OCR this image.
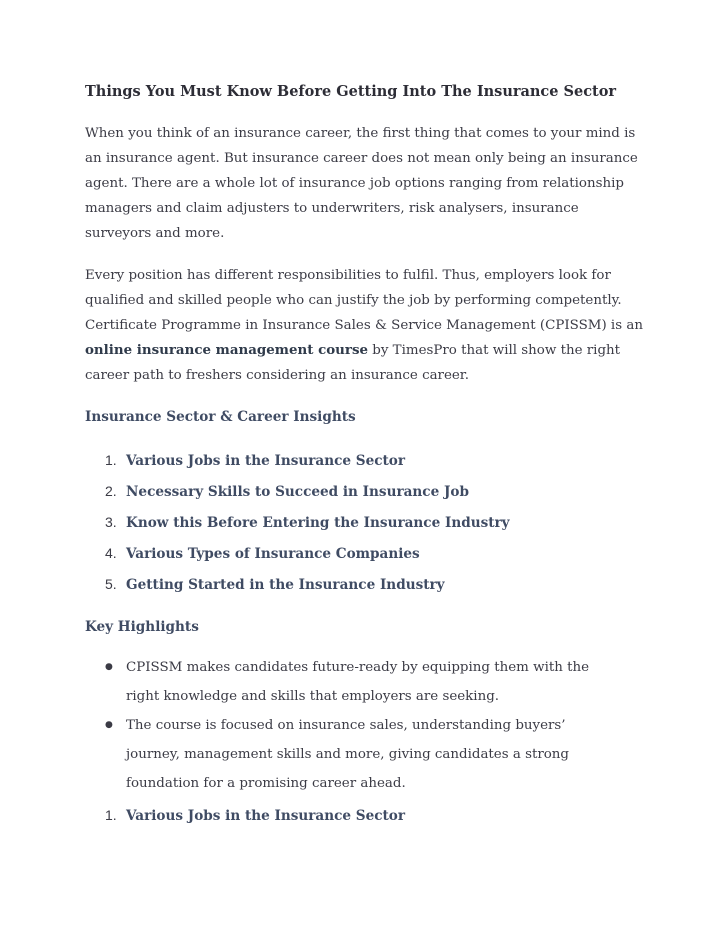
Things You Must Know Before Getting Into The Insurance Sector

When you think of an insurance career, the first thing that comes to your mind is an insurance agent. But insurance career does not mean only being an insurance agent. There are a whole lot of insurance job options ranging from relationship managers and claim adjusters to underwriters, risk analysers, insurance surveyors and more.

Every position has different responsibilities to fulfil. Thus, employers look for qualified and skilled people who can justify the job by performing competently. Certificate Programme in Insurance Sales & Service Management (CPISSM) is an online insurance management course by TimesPro that will show the right career path to freshers considering an insurance career.

Insurance Sector & Career Insights
1. Various Jobs in the Insurance Sector
2. Necessary Skills to Succeed in Insurance Job
3. Know this Before Entering the Insurance Industry
4. Various Types of Insurance Companies
5. Getting Started in the Insurance Industry
Key Highlights
● CPISSM makes candidates future-ready by equipping them with the right knowledge and skills that employers are seeking.
● The course is focused on insurance sales, understanding buyers’ journey, management skills and more, giving candidates a strong foundation for a promising career ahead.
1. Various Jobs in the Insurance Sector
